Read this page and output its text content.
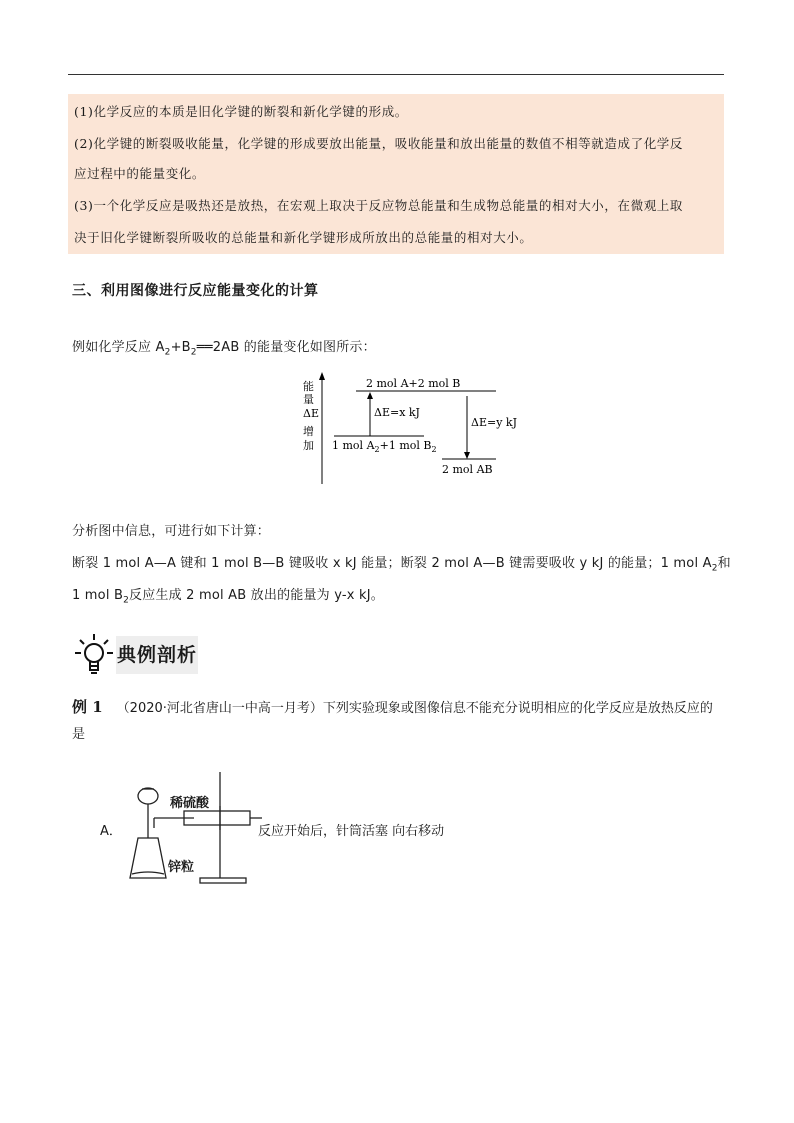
(1)化学反应的本质是旧化学键的断裂和新化学键的形成。

(2)化学键的断裂吸收能量，化学键的形成要放出能量，吸收能量和放出能量的数值不相等就造成了化学反

应过程中的能量变化。

(3)一个化学反应是吸热还是放热，在宏观上取决于反应物总能量和生成物总能量的相对大小，在微观上取

决于旧化学键断裂所吸收的总能量和新化学键形成所放出的总能量的相对大小。

三、利用图像进行反应能量变化的计算
例如化学反应 $A_2+B_2══2AB$ 的能量变化如图所示：
能
量
ΔE
增
加
2 mol A+2 mol B
1 mol $A_2+1$ mol $B_2$
2 mol AB
ΔE=x kJ
ΔE=y kJ
分析图中信息，可进行如下计算：
断裂 1 mol A—A 键和 1 mol B—B 键吸收 x kJ 能量；断裂 2 mol A—B 键需要吸收 y kJ 的能量；1 mol $A_2$和
1 mol $B_2$反应生成 2 mol AB 放出的能量为 y-x kJ。
典例剖析
例 1 （2020·河北省唐山一中高一月考）下列实验现象或图像信息不能充分说明相应的化学反应是放热反应的是
A．
稀硫酸
锌粒
反应开始后，针筒活塞 向右移动
